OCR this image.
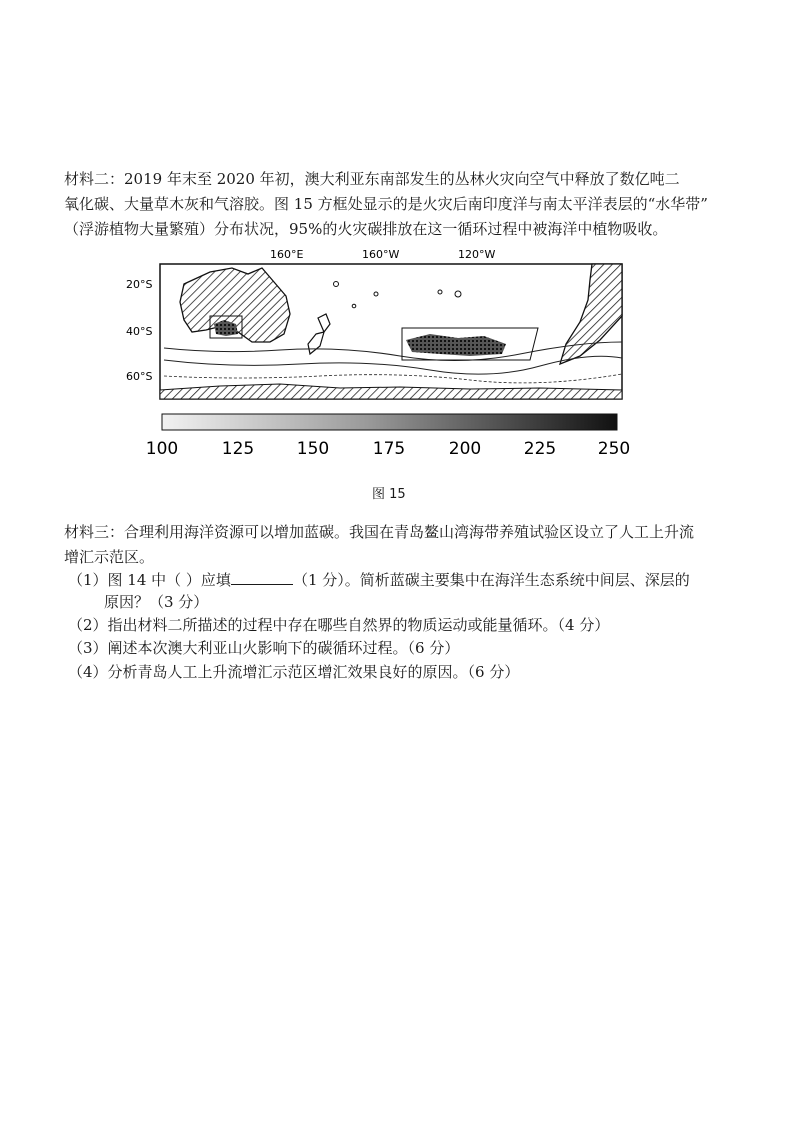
材料二：2019 年末至 2020 年初，澳大利亚东南部发生的丛林火灾向空气中释放了数亿吨二
氧化碳、大量草木灰和气溶胶。图 15 方框处显示的是火灾后南印度洋与南太平洋表层的“水华带”
（浮游植物大量繁殖）分布状况，95%的火灾碳排放在这一循环过程中被海洋中植物吸收。
160°E	160°W	120°W
20°S
40°S
60°S
100	125	150	175	200	225 250
图 15
材料三：合理利用海洋资源可以增加蓝碳。我国在青岛鳌山湾海带养殖试验区设立了人工上升流
增汇示范区。
（1）图 14 中（ ）应填	（1 分）。简析蓝碳主要集中在海洋生态系统中间层、深层的
原因？（3 分）
（2）指出材料二所描述的过程中存在哪些自然界的物质运动或能量循环。（4 分）
（3）阐述本次澳大利亚山火影响下的碳循环过程。（6 分）
（4）分析青岛人工上升流增汇示范区增汇效果良好的原因。（6 分）
